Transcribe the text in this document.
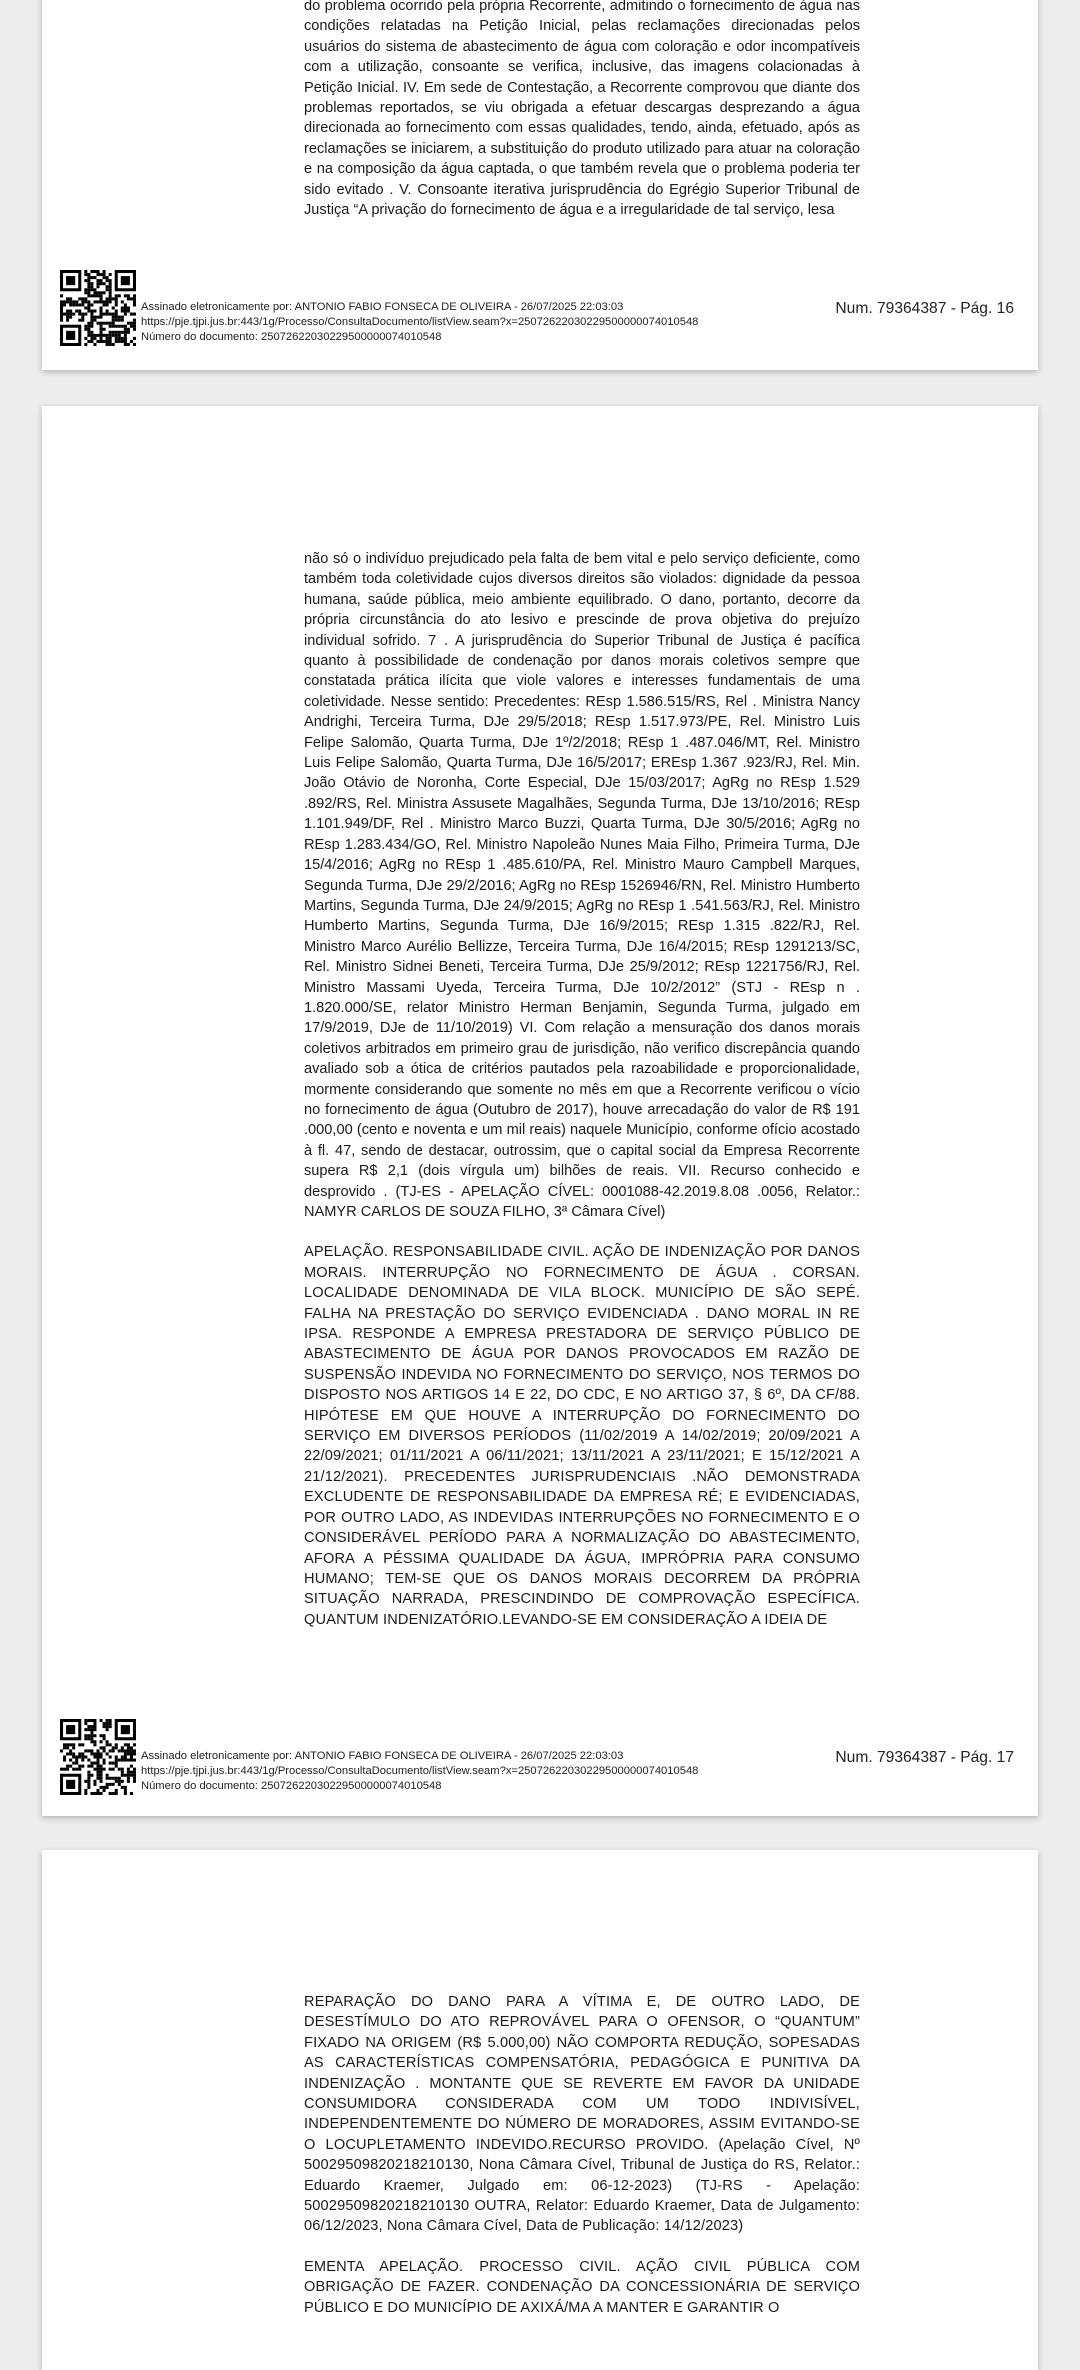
do problema ocorrido pela própria Recorrente, admitindo o fornecimento de água nas condições relatadas na Petição Inicial, pelas reclamações direcionadas pelos usuários do sistema de abastecimento de água com coloração e odor incompatíveis com a utilização, consoante se verifica, inclusive, das imagens colacionadas à Petição Inicial. IV. Em sede de Contestação, a Recorrente comprovou que diante dos problemas reportados, se viu obrigada a efetuar descargas desprezando a água direcionada ao fornecimento com essas qualidades, tendo, ainda, efetuado, após as reclamações se iniciarem, a substituição do produto utilizado para atuar na coloração e na composição da água captada, o que também revela que o problema poderia ter sido evitado . V. Consoante iterativa jurisprudência do Egrégio Superior Tribunal de Justiça “A privação do fornecimento de água e a irregularidade de tal serviço, lesa

Assinado eletronicamente por: ANTONIO FABIO FONSECA DE OLIVEIRA - 26/07/2025 22:03:03
https://pje.tjpi.jus.br:443/1g/Processo/ConsultaDocumento/listView.seam?x=25072622030229500000074010548
Número do documento: 25072622030229500000074010548
Num. 79364387 - Pág. 16

não só o indivíduo prejudicado pela falta de bem vital e pelo serviço deficiente, como também toda coletividade cujos diversos direitos são violados: dignidade da pessoa humana, saúde pública, meio ambiente equilibrado. O dano, portanto, decorre da própria circunstância do ato lesivo e prescinde de prova objetiva do prejuízo individual sofrido. 7 . A jurisprudência do Superior Tribunal de Justiça é pacífica quanto à possibilidade de condenação por danos morais coletivos sempre que constatada prática ilícita que viole valores e interesses fundamentais de uma coletividade. Nesse sentido: Precedentes: REsp 1.586.515/RS, Rel . Ministra Nancy Andrighi, Terceira Turma, DJe 29/5/2018; REsp 1.517.973/PE, Rel. Ministro Luis Felipe Salomão, Quarta Turma, DJe 1º/2/2018; REsp 1 .487.046/MT, Rel. Ministro Luis Felipe Salomão, Quarta Turma, DJe 16/5/2017; EREsp 1.367 .923/RJ, Rel. Min. João Otávio de Noronha, Corte Especial, DJe 15/03/2017; AgRg no REsp 1.529 .892/RS, Rel. Ministra Assusete Magalhães, Segunda Turma, DJe 13/10/2016; REsp 1.101.949/DF, Rel . Ministro Marco Buzzi, Quarta Turma, DJe 30/5/2016; AgRg no REsp 1.283.434/GO, Rel. Ministro Napoleão Nunes Maia Filho, Primeira Turma, DJe 15/4/2016; AgRg no REsp 1 .485.610/PA, Rel. Ministro Mauro Campbell Marques, Segunda Turma, DJe 29/2/2016; AgRg no REsp 1526946/RN, Rel. Ministro Humberto Martins, Segunda Turma, DJe 24/9/2015; AgRg no REsp 1 .541.563/RJ, Rel. Ministro Humberto Martins, Segunda Turma, DJe 16/9/2015; REsp 1.315 .822/RJ, Rel. Ministro Marco Aurélio Bellizze, Terceira Turma, DJe 16/4/2015; REsp 1291213/SC, Rel. Ministro Sidnei Beneti, Terceira Turma, DJe 25/9/2012; REsp 1221756/RJ, Rel. Ministro Massami Uyeda, Terceira Turma, DJe 10/2/2012” (STJ - REsp n . 1.820.000/SE, relator Ministro Herman Benjamin, Segunda Turma, julgado em 17/9/2019, DJe de 11/10/2019) VI. Com relação a mensuração dos danos morais coletivos arbitrados em primeiro grau de jurisdição, não verifico discrepância quando avaliado sob a ótica de critérios pautados pela razoabilidade e proporcionalidade, mormente considerando que somente no mês em que a Recorrente verificou o vício no fornecimento de água (Outubro de 2017), houve arrecadação do valor de R$ 191 .000,00 (cento e noventa e um mil reais) naquele Município, conforme ofício acostado à fl. 47, sendo de destacar, outrossim, que o capital social da Empresa Recorrente supera R$ 2,1 (dois vírgula um) bilhões de reais. VII. Recurso conhecido e desprovido . (TJ-ES - APELAÇÃO CÍVEL: 0001088-42.2019.8.08 .0056, Relator.: NAMYR CARLOS DE SOUZA FILHO, 3ª Câmara Cível)

APELAÇÃO. RESPONSABILIDADE CIVIL. AÇÃO DE INDENIZAÇÃO POR DANOS MORAIS. INTERRUPÇÃO NO FORNECIMENTO DE ÁGUA . CORSAN. LOCALIDADE DENOMINADA DE VILA BLOCK. MUNICÍPIO DE SÃO SEPÉ. FALHA NA PRESTAÇÃO DO SERVIÇO EVIDENCIADA . DANO MORAL IN RE IPSA. RESPONDE A EMPRESA PRESTADORA DE SERVIÇO PÚBLICO DE ABASTECIMENTO DE ÁGUA POR DANOS PROVOCADOS EM RAZÃO DE SUSPENSÃO INDEVIDA NO FORNECIMENTO DO SERVIÇO, NOS TERMOS DO DISPOSTO NOS ARTIGOS 14 E 22, DO CDC, E NO ARTIGO 37, § 6º, DA CF/88. HIPÓTESE EM QUE HOUVE A INTERRUPÇÃO DO FORNECIMENTO DO SERVIÇO EM DIVERSOS PERÍODOS (11/02/2019 A 14/02/2019; 20/09/2021 A 22/09/2021; 01/11/2021 A 06/11/2021; 13/11/2021 A 23/11/2021; E 15/12/2021 A 21/12/2021). PRECEDENTES JURISPRUDENCIAIS .NÃO DEMONSTRADA EXCLUDENTE DE RESPONSABILIDADE DA EMPRESA RÉ; E EVIDENCIADAS, POR OUTRO LADO, AS INDEVIDAS INTERRUPÇÕES NO FORNECIMENTO E O CONSIDERÁVEL PERÍODO PARA A NORMALIZAÇÃO DO ABASTECIMENTO, AFORA A PÉSSIMA QUALIDADE DA ÁGUA, IMPRÓPRIA PARA CONSUMO HUMANO; TEM-SE QUE OS DANOS MORAIS DECORREM DA PRÓPRIA SITUAÇÃO NARRADA, PRESCINDINDO DE COMPROVAÇÃO ESPECÍFICA. QUANTUM INDENIZATÓRIO.LEVANDO-SE EM CONSIDERAÇÃO A IDEIA DE

Assinado eletronicamente por: ANTONIO FABIO FONSECA DE OLIVEIRA - 26/07/2025 22:03:03
https://pje.tjpi.jus.br:443/1g/Processo/ConsultaDocumento/listView.seam?x=25072622030229500000074010548
Número do documento: 25072622030229500000074010548
Num. 79364387 - Pág. 17

REPARAÇÃO DO DANO PARA A VÍTIMA E, DE OUTRO LADO, DE DESESTÍMULO DO ATO REPROVÁVEL PARA O OFENSOR, O “QUANTUM” FIXADO NA ORIGEM (R$ 5.000,00) NÃO COMPORTA REDUÇÃO, SOPESADAS AS CARACTERÍSTICAS COMPENSATÓRIA, PEDAGÓGICA E PUNITIVA DA INDENIZAÇÃO . MONTANTE QUE SE REVERTE EM FAVOR DA UNIDADE CONSUMIDORA CONSIDERADA COM UM TODO INDIVISÍVEL, INDEPENDENTEMENTE DO NÚMERO DE MORADORES, ASSIM EVITANDO-SE O LOCUPLETAMENTO INDEVIDO.RECURSO PROVIDO. (Apelação Cível, Nº 50029509820218210130, Nona Câmara Cível, Tribunal de Justiça do RS, Relator.: Eduardo Kraemer, Julgado em: 06-12-2023) (TJ-RS - Apelação: 50029509820218210130 OUTRA, Relator: Eduardo Kraemer, Data de Julgamento: 06/12/2023, Nona Câmara Cível, Data de Publicação: 14/12/2023)

EMENTA APELAÇÃO. PROCESSO CIVIL. AÇÃO CIVIL PÚBLICA COM OBRIGAÇÃO DE FAZER. CONDENAÇÃO DA CONCESSIONÁRIA DE SERVIÇO PÚBLICO E DO MUNICÍPIO DE AXIXÁ/MA A MANTER E GARANTIR O
